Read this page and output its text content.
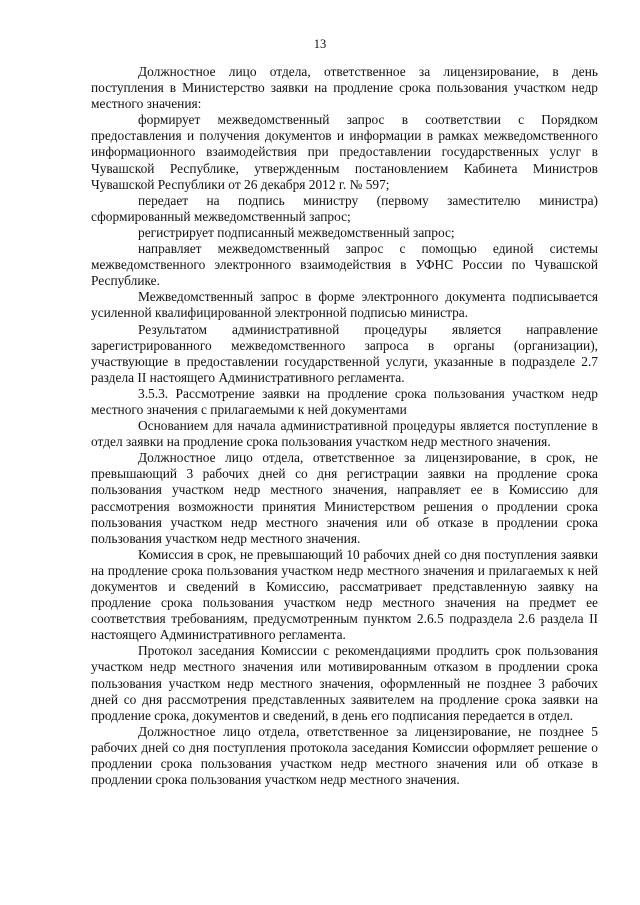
13

Должностное лицо отдела, ответственное за лицензирование, в день поступления в Министерство заявки на продление срока пользования участком недр местного значения:

формирует межведомственный запрос в соответствии с Порядком предоставления и получения документов и информации в рамках межведомственного информационного взаимодействия при предоставлении государственных услуг в Чувашской Республике, утвержденным постановлением Кабинета Министров Чувашской Республики от 26 декабря 2012 г. № 597;

передает на подпись министру (первому заместителю министра) сформированный межведомственный запрос;

регистрирует подписанный межведомственный запрос;

направляет межведомственный запрос с помощью единой системы межведомственного электронного взаимодействия в УФНС России по Чувашской Республике.

Межведомственный запрос в форме электронного документа подписывается усиленной квалифицированной электронной подписью министра.

Результатом административной процедуры является направление зарегистрированного межведомственного запроса в органы (организации), участвующие в предоставлении государственной услуги, указанные в подразделе 2.7 раздела II настоящего Административного регламента.

3.5.3. Рассмотрение заявки на продление срока пользования участком недр местного значения с прилагаемыми к ней документами

Основанием для начала административной процедуры является поступление в отдел заявки на продление срока пользования участком недр местного значения.

Должностное лицо отдела, ответственное за лицензирование, в срок, не превышающий 3 рабочих дней со дня регистрации заявки на продление срока пользования участком недр местного значения, направляет ее в Комиссию для рассмотрения возможности принятия Министерством решения о продлении срока пользования участком недр местного значения или об отказе в продлении срока пользования участком недр местного значения.

Комиссия в срок, не превышающий 10 рабочих дней со дня поступления заявки на продление срока пользования участком недр местного значения и прилагаемых к ней документов и сведений в Комиссию, рассматривает представленную заявку на продление срока пользования участком недр местного значения на предмет ее соответствия требованиям, предусмотренным пунктом 2.6.5 подраздела 2.6 раздела II настоящего Административного регламента.

Протокол заседания Комиссии с рекомендациями продлить срок пользования участком недр местного значения или мотивированным отказом в продлении срока пользования участком недр местного значения, оформленный не позднее 3 рабочих дней со дня рассмотрения представленных заявителем на продление срока заявки на продление срока, документов и сведений, в день его подписания передается в отдел.

Должностное лицо отдела, ответственное за лицензирование, не позднее 5 рабочих дней со дня поступления протокола заседания Комиссии оформляет решение о продлении срока пользования участком недр местного значения или об отказе в продлении срока пользования участком недр местного значения.
